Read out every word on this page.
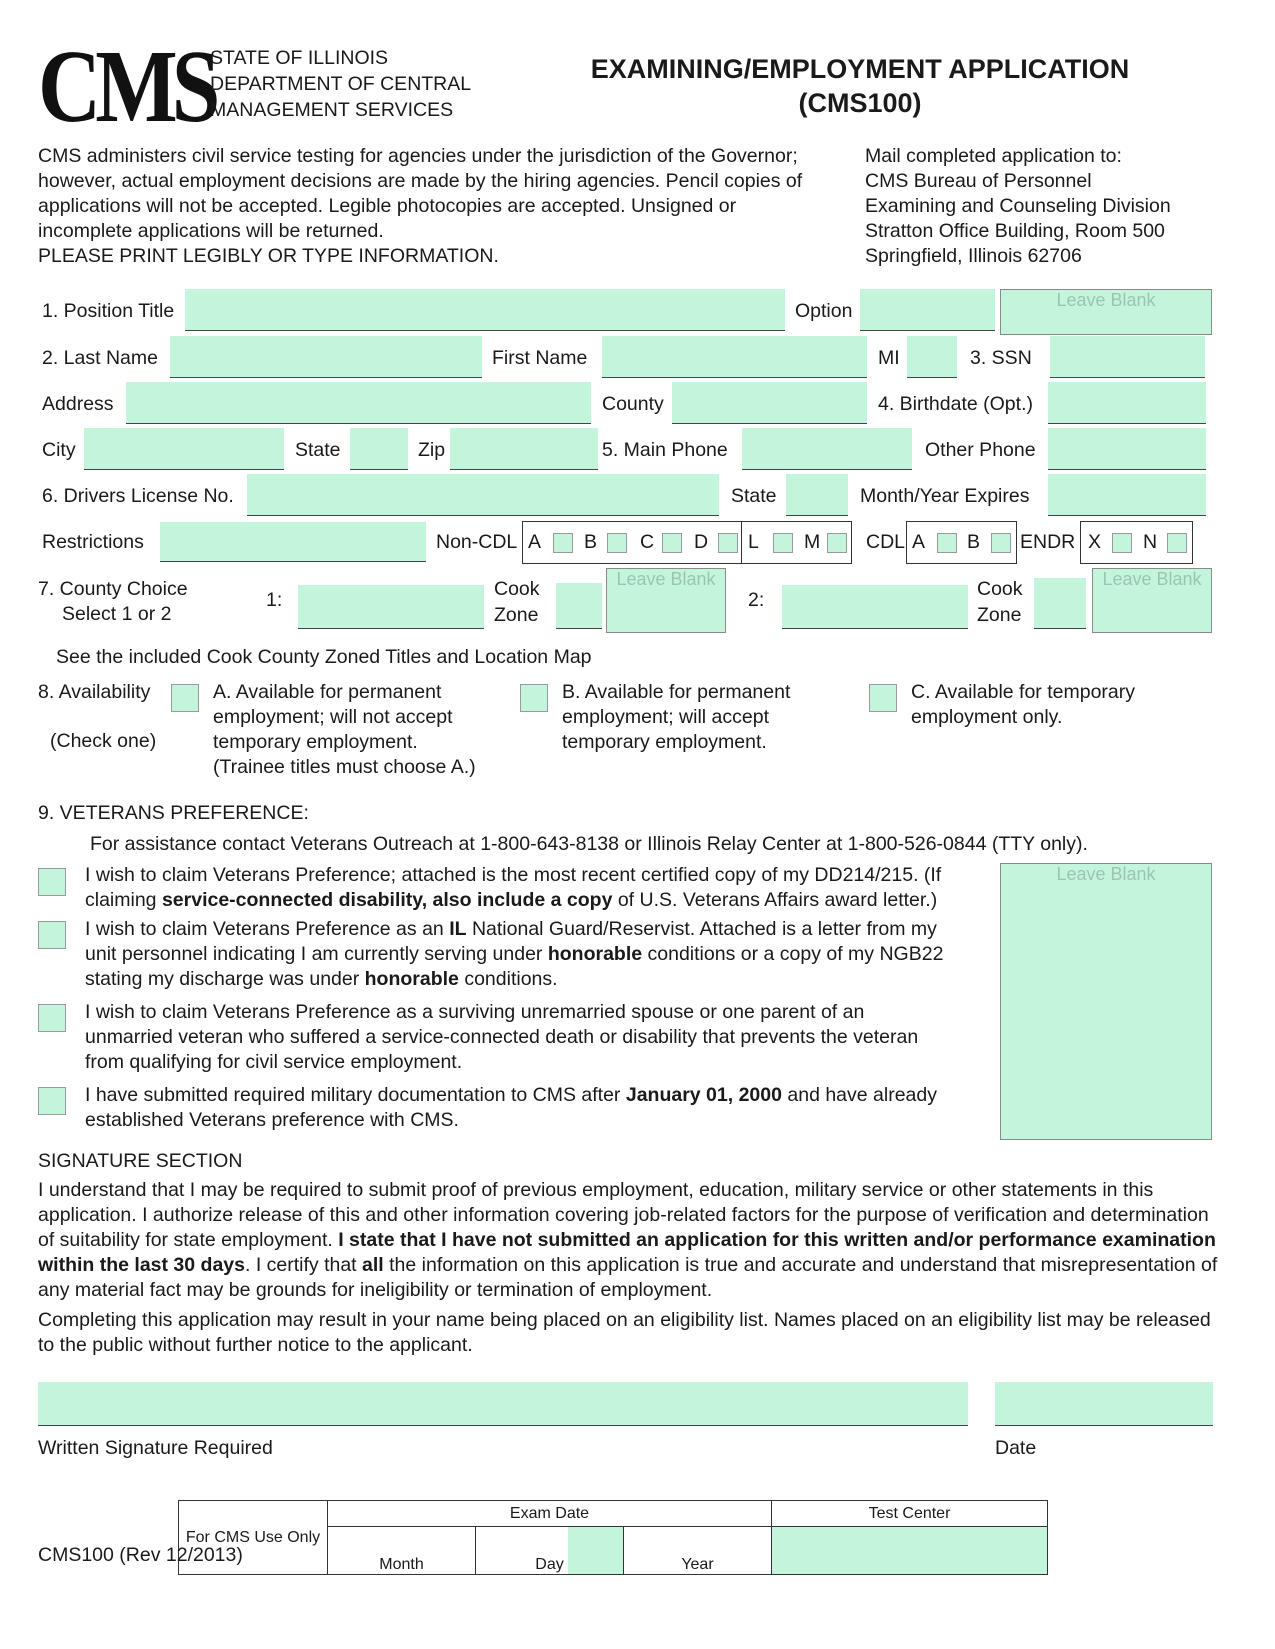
CMS
STATE OF ILLINOIS
DEPARTMENT OF CENTRAL
MANAGEMENT SERVICES
EXAMINING/EMPLOYMENT APPLICATION
(CMS100)
CMS administers civil service testing for agencies under the jurisdiction of the Governor;
however, actual employment decisions are made by the hiring agencies. Pencil copies of
applications will not be accepted. Legible photocopies are accepted. Unsigned or
incomplete applications will be returned.
PLEASE PRINT LEGIBLY OR TYPE INFORMATION.
Mail completed application to:
CMS Bureau of Personnel
Examining and Counseling Division
Stratton Office Building, Room 500
Springfield, Illinois 62706
1. Position Title	Option	Leave Blank
2. Last Name	First Name	MI	3. SSN
Address	County	4. Birthdate (Opt.)
City	State	Zip	5. Main Phone	Other Phone
6. Drivers License No.	State	Month/Year Expires
Restrictions	Non-CDL A B C D L M CDL A B ENDR X N
7. County Choice
Select 1 or 2
1:	Cook
Zone
Leave Blank
2:	Cook
Zone
Leave Blank
See the included Cook County Zoned Titles and Location Map
8. Availability
(Check one)
A. Available for permanent
employment; will not accept
temporary employment.
(Trainee titles must choose A.)
B. Available for permanent
employment; will accept
temporary employment.
C. Available for temporary
employment only.
9. VETERANS PREFERENCE:
For assistance contact Veterans Outreach at 1-800-643-8138 or Illinois Relay Center at 1-800-526-0844 (TTY only).
Leave Blank
I wish to claim Veterans Preference; attached is the most recent certified copy of my DD214/215. (If
claiming service-connected disability, also include a copy of U.S. Veterans Affairs award letter.)
I wish to claim Veterans Preference as an IL National Guard/Reservist. Attached is a letter from my
unit personnel indicating I am currently serving under honorable conditions or a copy of my NGB22
stating my discharge was under honorable conditions.
I wish to claim Veterans Preference as a surviving unremarried spouse or one parent of an
unmarried veteran who suffered a service-connected death or disability that prevents the veteran
from qualifying for civil service employment.
I have submitted required military documentation to CMS after January 01, 2000 and have already
established Veterans preference with CMS.
SIGNATURE SECTION
I understand that I may be required to submit proof of previous employment, education, military service or other statements in this application. I authorize release of this and other information covering job-related factors for the purpose of verification and determination of suitability for state employment. I state that I have not submitted an application for this written and/or performance examination within the last 30 days. I certify that all the information on this application is true and accurate and understand that misrepresentation of any material fact may be grounds for ineligibility or termination of employment.
Completing this application may result in your name being placed on an eligibility list. Names placed on an eligibility list may be released to the public without further notice to the applicant.
Written Signature Required	Date
For CMS Use Only	Exam Date			Test Center
	Month	Day	Year	
CMS100 (Rev 12/2013)
